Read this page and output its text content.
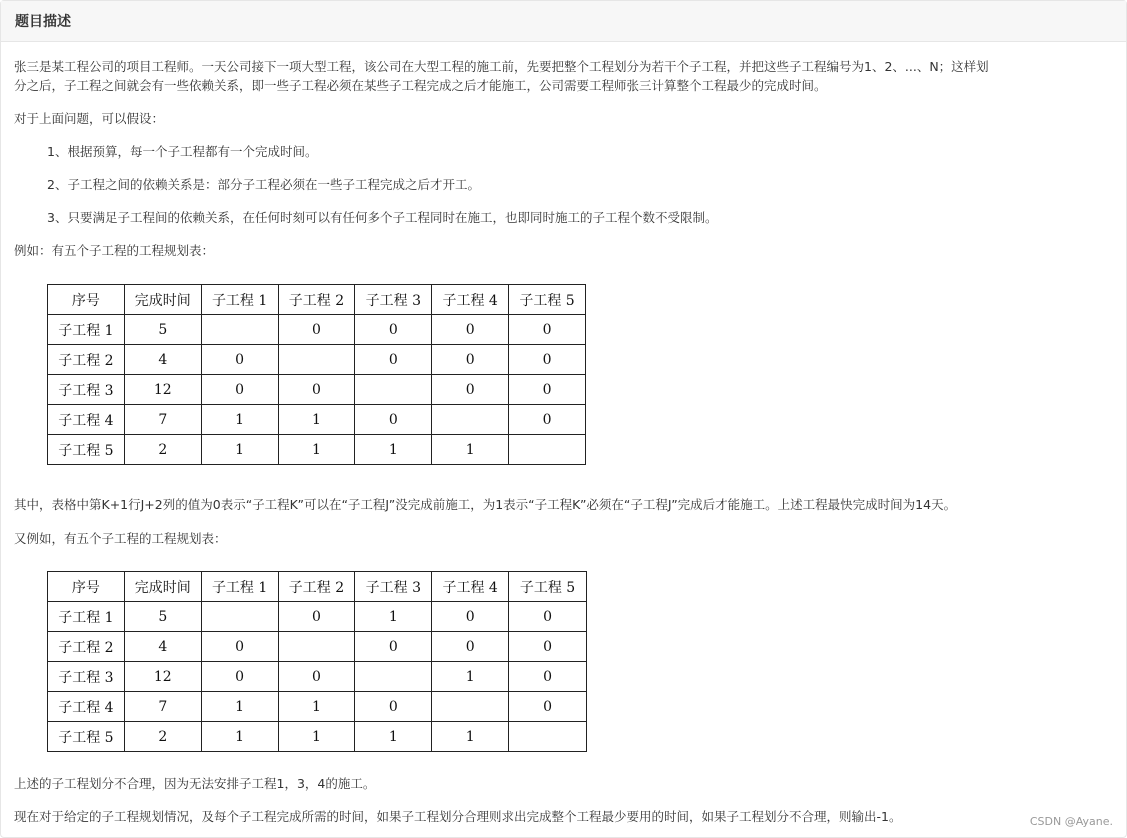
题目描述
张三是某工程公司的项目工程师。一天公司接下一项大型工程，该公司在大型工程的施工前，先要把整个工程划分为若干个子工程，并把这些子工程编号为1、2、...、N；这样划
分之后，子工程之间就会有一些依赖关系，即一些子工程必须在某些子工程完成之后才能施工，公司需要工程师张三计算整个工程最少的完成时间。
对于上面问题，可以假设：
1、根据预算，每一个子工程都有一个完成时间。
2、子工程之间的依赖关系是：部分子工程必须在一些子工程完成之后才开工。
3、只要满足子工程间的依赖关系，在任何时刻可以有任何多个子工程同时在施工，也即同时施工的子工程个数不受限制。
例如：有五个子工程的工程规划表：
序号	完成时间	子工程 1	子工程 2	子工程 3	子工程 4	子工程 5
子工程 1	5		0	0	0	0
子工程 2	4	0		0	0	0
子工程 3	12	0	0		0	0
子工程 4	7	1	1	0		0
子工程 5	2	1	1	1	1	
其中，表格中第K+1行J+2列的值为0表示“子工程K”可以在“子工程J”没完成前施工，为1表示“子工程K”必须在“子工程J”完成后才能施工。上述工程最快完成时间为14天。
又例如，有五个子工程的工程规划表：
序号	完成时间	子工程 1	子工程 2	子工程 3	子工程 4	子工程 5
子工程 1	5		0	1	0	0
子工程 2	4	0		0	0	0
子工程 3	12	0	0		1	0
子工程 4	7	1	1	0		0
子工程 5	2	1	1	1	1	
上述的子工程划分不合理，因为无法安排子工程1，3，4的施工。
现在对于给定的子工程规划情况，及每个子工程完成所需的时间，如果子工程划分合理则求出完成整个工程最少要用的时间，如果子工程划分不合理，则输出-1。	CSDN @Ayane.
